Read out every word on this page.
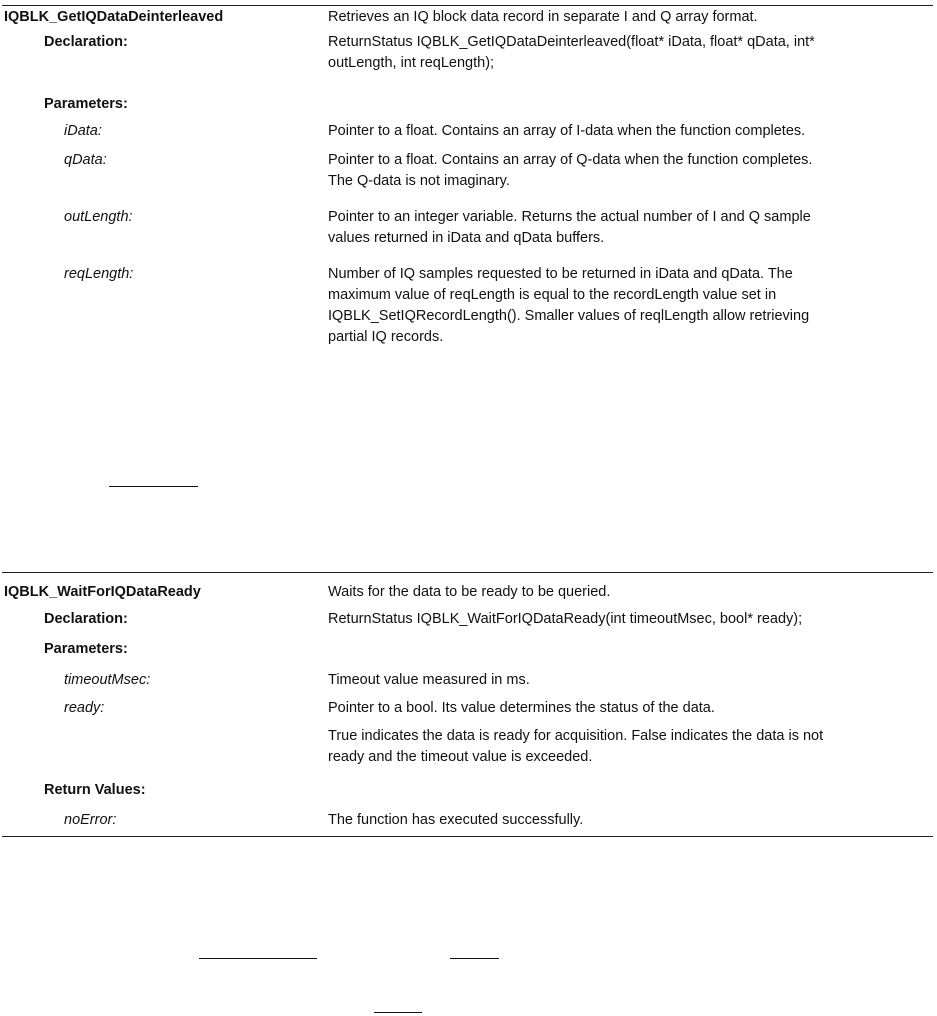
IQBLK_GetIQDataDeinterleaved	Retrieves an IQ block data record in separate I and Q array format.
Declaration:	ReturnStatus IQBLK_GetIQDataDeinterleaved(float* iData, float* qData, int*
outLength, int reqLength);
Parameters:
iData:	Pointer to a float. Contains an array of I-data when the function completes.
qData:	Pointer to a float. Contains an array of Q-data when the function completes.
The Q-data is not imaginary.
outLength:	Pointer to an integer variable. Returns the actual number of I and Q sample
values returned in iData and qData buffers.
reqLength:	Number of IQ samples requested to be returned in iData and qData. The
maximum value of reqLength is equal to the recordLength value set in
IQBLK_SetIQRecordLength(). Smaller values of reqlLength allow retrieving
partial IQ records.
IQBLK_WaitForIQDataReady	Waits for the data to be ready to be queried.
Declaration:	ReturnStatus IQBLK_WaitForIQDataReady(int timeoutMsec, bool* ready);
Parameters:
timeoutMsec:	Timeout value measured in ms.
ready:	Pointer to a bool. Its value determines the status of the data.
True indicates the data is ready for acquisition. False indicates the data is not
ready and the timeout value is exceeded.
Return Values:
noError:	The function has executed successfully.
